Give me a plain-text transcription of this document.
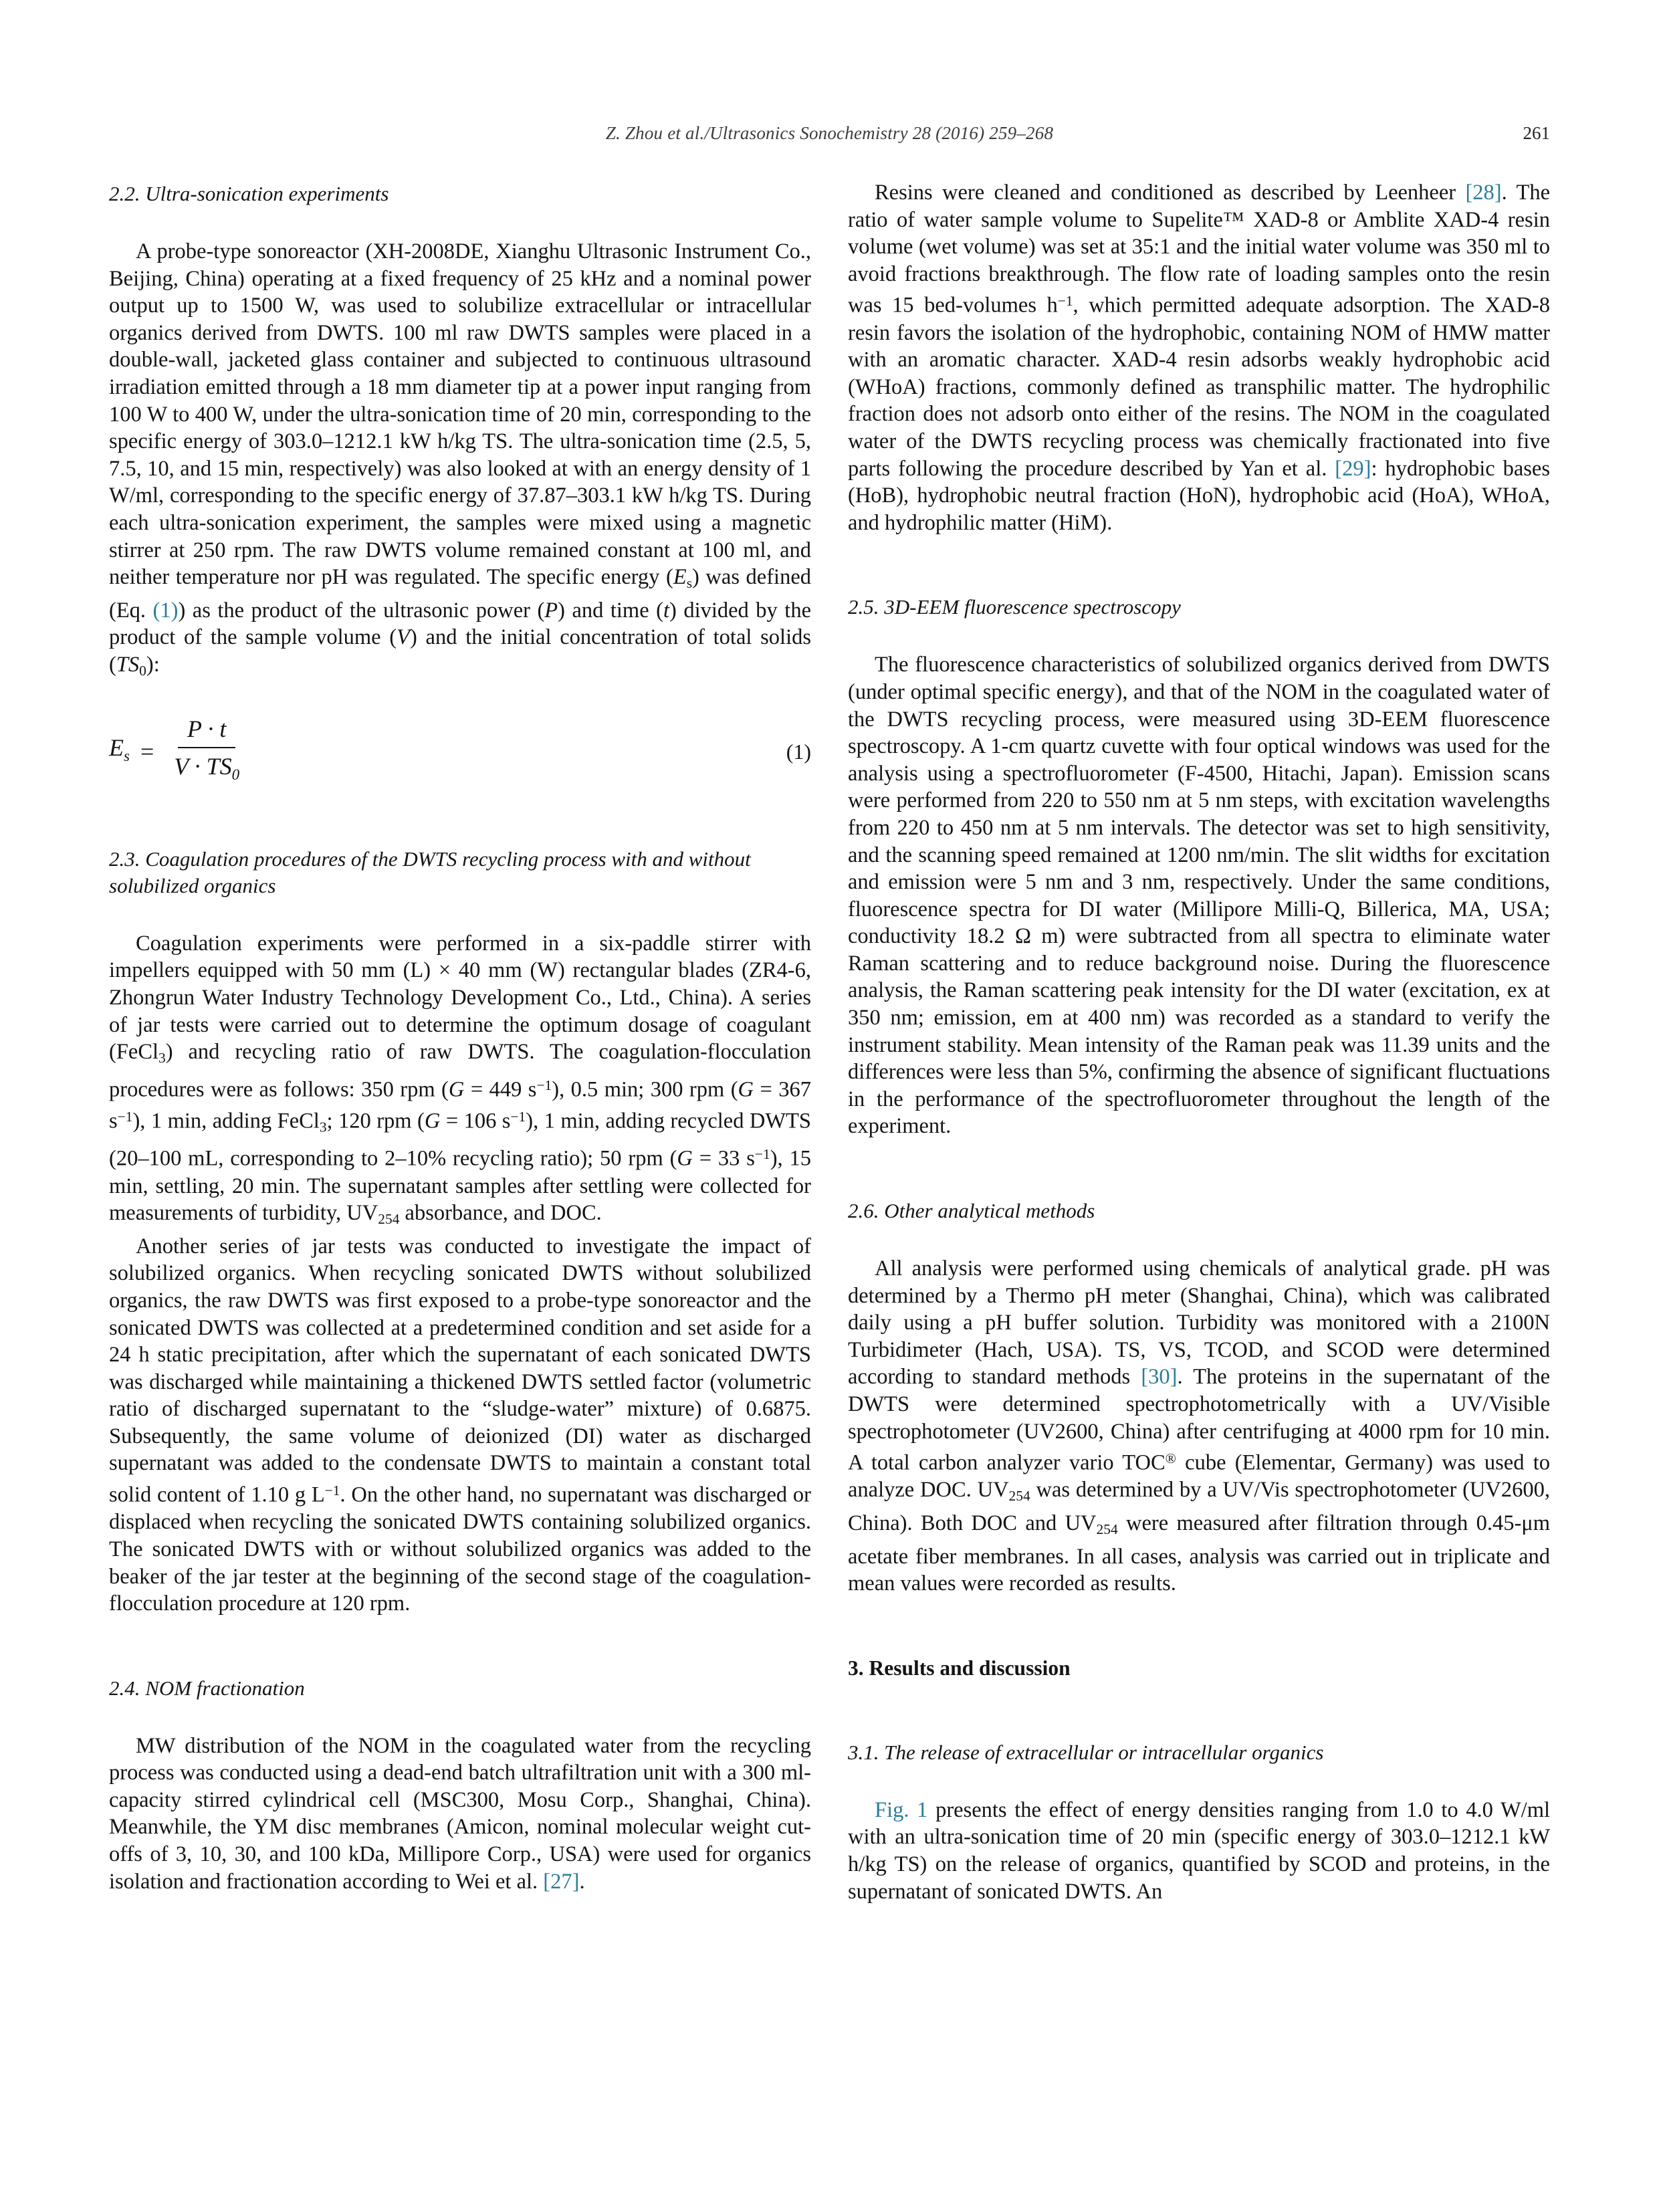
Z. Zhou et al./Ultrasonics Sonochemistry 28 (2016) 259–268	261
2.2. Ultra-sonication experiments

A probe-type sonoreactor (XH-2008DE, Xianghu Ultrasonic Instrument Co., Beijing, China) operating at a fixed frequency of 25 kHz and a nominal power output up to 1500 W, was used to solubilize extracellular or intracellular organics derived from DWTS. 100 ml raw DWTS samples were placed in a double-wall, jacketed glass container and subjected to continuous ultrasound irradiation emitted through a 18 mm diameter tip at a power input ranging from 100 W to 400 W, under the ultra-sonication time of 20 min, corresponding to the specific energy of 303.0–1212.1 kW h/kg TS. The ultra-sonication time (2.5, 5, 7.5, 10, and 15 min, respectively) was also looked at with an energy density of 1 W/ml, corresponding to the specific energy of 37.87–303.1 kW h/kg TS. During each ultra-sonication experiment, the samples were mixed using a magnetic stirrer at 250 rpm. The raw DWTS volume remained constant at 100 ml, and neither temperature nor pH was regulated. The specific energy (Es) was defined (Eq. (1)) as the product of the ultrasonic power (P) and time (t) divided by the product of the sample volume (V) and the initial concentration of total solids (TS0):

$E_s = \frac{P \cdot t}{V \cdot TS_0}$	(1)
2.3. Coagulation procedures of the DWTS recycling process with and without solubilized organics

Coagulation experiments were performed in a six-paddle stirrer with impellers equipped with 50 mm (L) × 40 mm (W) rectangular blades (ZR4-6, Zhongrun Water Industry Technology Development Co., Ltd., China). A series of jar tests were carried out to determine the optimum dosage of coagulant (FeCl3) and recycling ratio of raw DWTS. The coagulation-flocculation procedures were as follows: 350 rpm (G = 449 $s^{-1}$), 0.5 min; 300 rpm (G = 367 $s^{-1}$), 1 min, adding FeCl3; 120 rpm (G = 106 $s^{-1}$), 1 min, adding recycled DWTS (20–100 mL, corresponding to 2–10% recycling ratio); 50 rpm (G = 33 $s^{-1}$), 15 min, settling, 20 min. The supernatant samples after settling were collected for measurements of turbidity, UV254 absorbance, and DOC.

Another series of jar tests was conducted to investigate the impact of solubilized organics. When recycling sonicated DWTS without solubilized organics, the raw DWTS was first exposed to a probe-type sonoreactor and the sonicated DWTS was collected at a predetermined condition and set aside for a 24 h static precipitation, after which the supernatant of each sonicated DWTS was discharged while maintaining a thickened DWTS settled factor (volumetric ratio of discharged supernatant to the “sludge-water” mixture) of 0.6875. Subsequently, the same volume of deionized (DI) water as discharged supernatant was added to the condensate DWTS to maintain a constant total solid content of 1.10 g $L^{-1}$. On the other hand, no supernatant was discharged or displaced when recycling the sonicated DWTS containing solubilized organics. The sonicated DWTS with or without solubilized organics was added to the beaker of the jar tester at the beginning of the second stage of the coagulation-flocculation procedure at 120 rpm.

2.4. NOM fractionation

MW distribution of the NOM in the coagulated water from the recycling process was conducted using a dead-end batch ultrafiltration unit with a 300 ml-capacity stirred cylindrical cell (MSC300, Mosu Corp., Shanghai, China). Meanwhile, the YM disc membranes (Amicon, nominal molecular weight cut-offs of 3, 10, 30, and 100 kDa, Millipore Corp., USA) were used for organics isolation and fractionation according to Wei et al. [27].

Resins were cleaned and conditioned as described by Leenheer [28]. The ratio of water sample volume to Supelite™ XAD-8 or Amblite XAD-4 resin volume (wet volume) was set at 35:1 and the initial water volume was 350 ml to avoid fractions breakthrough. The flow rate of loading samples onto the resin was 15 bed-volumes $h^{-1}$, which permitted adequate adsorption. The XAD-8 resin favors the isolation of the hydrophobic, containing NOM of HMW matter with an aromatic character. XAD-4 resin adsorbs weakly hydrophobic acid (WHoA) fractions, commonly defined as transphilic matter. The hydrophilic fraction does not adsorb onto either of the resins. The NOM in the coagulated water of the DWTS recycling process was chemically fractionated into five parts following the procedure described by Yan et al. [29]: hydrophobic bases (HoB), hydrophobic neutral fraction (HoN), hydrophobic acid (HoA), WHoA, and hydrophilic matter (HiM).

2.5. 3D-EEM fluorescence spectroscopy

The fluorescence characteristics of solubilized organics derived from DWTS (under optimal specific energy), and that of the NOM in the coagulated water of the DWTS recycling process, were measured using 3D-EEM fluorescence spectroscopy. A 1-cm quartz cuvette with four optical windows was used for the analysis using a spectrofluorometer (F-4500, Hitachi, Japan). Emission scans were performed from 220 to 550 nm at 5 nm steps, with excitation wavelengths from 220 to 450 nm at 5 nm intervals. The detector was set to high sensitivity, and the scanning speed remained at 1200 nm/min. The slit widths for excitation and emission were 5 nm and 3 nm, respectively. Under the same conditions, fluorescence spectra for DI water (Millipore Milli-Q, Billerica, MA, USA; conductivity 18.2 Ω m) were subtracted from all spectra to eliminate water Raman scattering and to reduce background noise. During the fluorescence analysis, the Raman scattering peak intensity for the DI water (excitation, ex at 350 nm; emission, em at 400 nm) was recorded as a standard to verify the instrument stability. Mean intensity of the Raman peak was 11.39 units and the differences were less than 5%, confirming the absence of significant fluctuations in the performance of the spectrofluorometer throughout the length of the experiment.

2.6. Other analytical methods

All analysis were performed using chemicals of analytical grade. pH was determined by a Thermo pH meter (Shanghai, China), which was calibrated daily using a pH buffer solution. Turbidity was monitored with a 2100N Turbidimeter (Hach, USA). TS, VS, TCOD, and SCOD were determined according to standard methods [30]. The proteins in the supernatant of the DWTS were determined spectrophotometrically with a UV/Visible spectrophotometer (UV2600, China) after centrifuging at 4000 rpm for 10 min. A total carbon analyzer vario TOC® cube (Elementar, Germany) was used to analyze DOC. UV254 was determined by a UV/Vis spectrophotometer (UV2600, China). Both DOC and UV254 were measured after filtration through 0.45-μm acetate fiber membranes. In all cases, analysis was carried out in triplicate and mean values were recorded as results.

3. Results and discussion
3.1. The release of extracellular or intracellular organics

Fig. 1 presents the effect of energy densities ranging from 1.0 to 4.0 W/ml with an ultra-sonication time of 20 min (specific energy of 303.0–1212.1 kW h/kg TS) on the release of organics, quantified by SCOD and proteins, in the supernatant of sonicated DWTS. An
